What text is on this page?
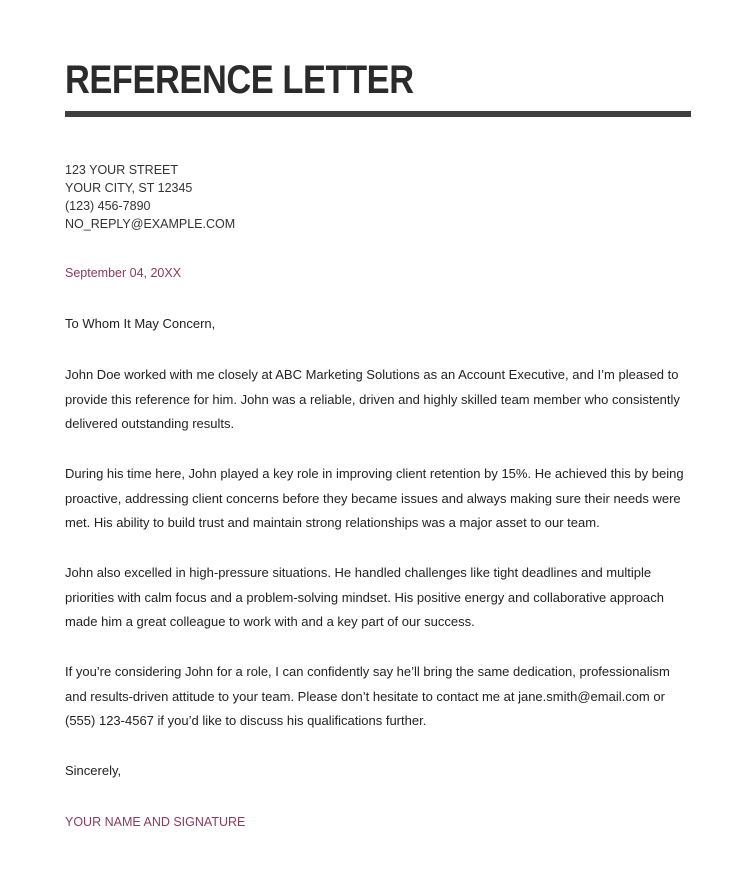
REFERENCE LETTER
123 YOUR STREET
YOUR CITY, ST 12345
(123) 456-7890
NO_REPLY@EXAMPLE.COM
September 04, 20XX

To Whom It May Concern,

John Doe worked with me closely at ABC Marketing Solutions as an Account Executive, and I’m pleased to provide this reference for him. John was a reliable, driven and highly skilled team member who consistently delivered outstanding results.

During his time here, John played a key role in improving client retention by 15%. He achieved this by being proactive, addressing client concerns before they became issues and always making sure their needs were met. His ability to build trust and maintain strong relationships was a major asset to our team.

John also excelled in high-pressure situations. He handled challenges like tight deadlines and multiple priorities with calm focus and a problem-solving mindset. His positive energy and collaborative approach made him a great colleague to work with and a key part of our success.

If you’re considering John for a role, I can confidently say he’ll bring the same dedication, professionalism and results-driven attitude to your team. Please don’t hesitate to contact me at jane.smith@email.com or (555) 123-4567 if you’d like to discuss his qualifications further.

Sincerely,

YOUR NAME AND SIGNATURE
